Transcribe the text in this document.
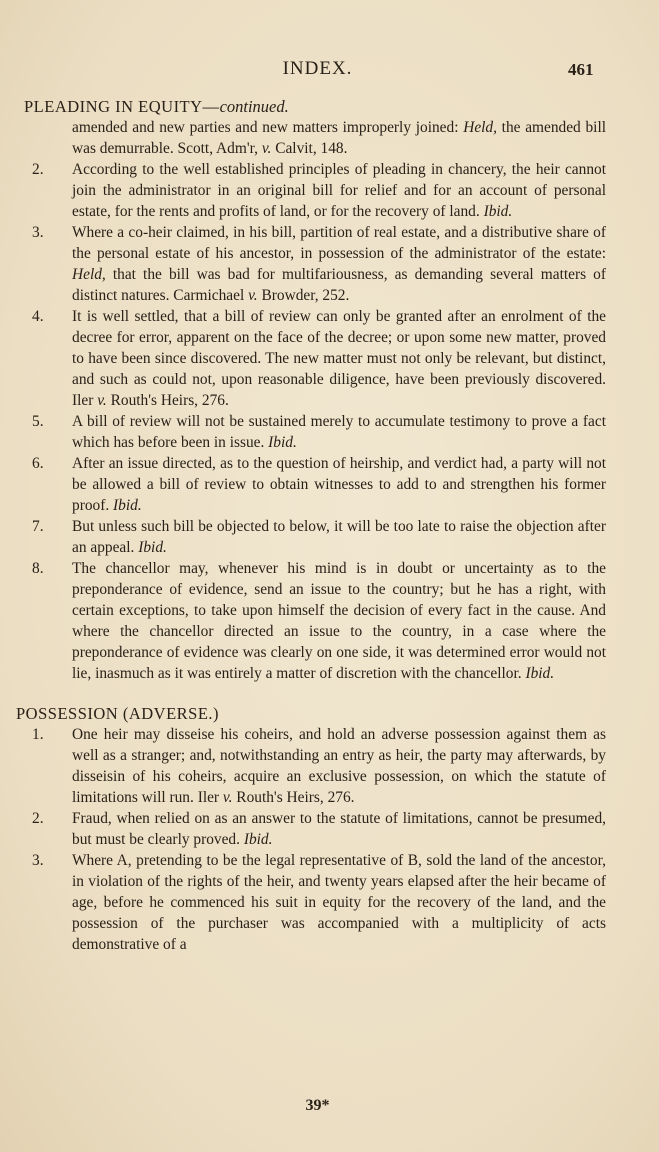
INDEX.	461

PLEADING IN EQUITY—continued.

amended and new parties and new matters improperly joined: Held, the amended bill was demurrable. Scott, Adm'r, v. Calvit, 148.

2. According to the well established principles of pleading in chancery, the heir cannot join the administrator in an original bill for relief and for an account of personal estate, for the rents and profits of land, or for the recovery of land. Ibid.

3. Where a co-heir claimed, in his bill, partition of real estate, and a distributive share of the personal estate of his ancestor, in possession of the administrator of the estate: Held, that the bill was bad for multifariousness, as demanding several matters of distinct natures. Carmichael v. Browder, 252.

4. It is well settled, that a bill of review can only be granted after an enrolment of the decree for error, apparent on the face of the decree; or upon some new matter, proved to have been since discovered. The new matter must not only be relevant, but distinct, and such as could not, upon reasonable diligence, have been previously discovered. Iler v. Routh's Heirs, 276.

5. A bill of review will not be sustained merely to accumulate testimony to prove a fact which has before been in issue. Ibid.

6. After an issue directed, as to the question of heirship, and verdict had, a party will not be allowed a bill of review to obtain witnesses to add to and strengthen his former proof. Ibid.

7. But unless such bill be objected to below, it will be too late to raise the objection after an appeal. Ibid.

8. The chancellor may, whenever his mind is in doubt or uncertainty as to the preponderance of evidence, send an issue to the country; but he has a right, with certain exceptions, to take upon himself the decision of every fact in the cause. And where the chancellor directed an issue to the country, in a case where the preponderance of evidence was clearly on one side, it was determined error would not lie, inasmuch as it was entirely a matter of discretion with the chancellor. Ibid.

POSSESSION (ADVERSE.)

1. One heir may disseise his coheirs, and hold an adverse possession against them as well as a stranger; and, notwithstanding an entry as heir, the party may afterwards, by disseisin of his coheirs, acquire an exclusive possession, on which the statute of limitations will run. Iler v. Routh's Heirs, 276.

2. Fraud, when relied on as an answer to the statute of limitations, cannot be presumed, but must be clearly proved. Ibid.

3. Where A, pretending to be the legal representative of B, sold the land of the ancestor, in violation of the rights of the heir, and twenty years elapsed after the heir became of age, before he commenced his suit in equity for the recovery of the land, and the possession of the purchaser was accompanied with a multiplicity of acts demonstrative of a

39*
